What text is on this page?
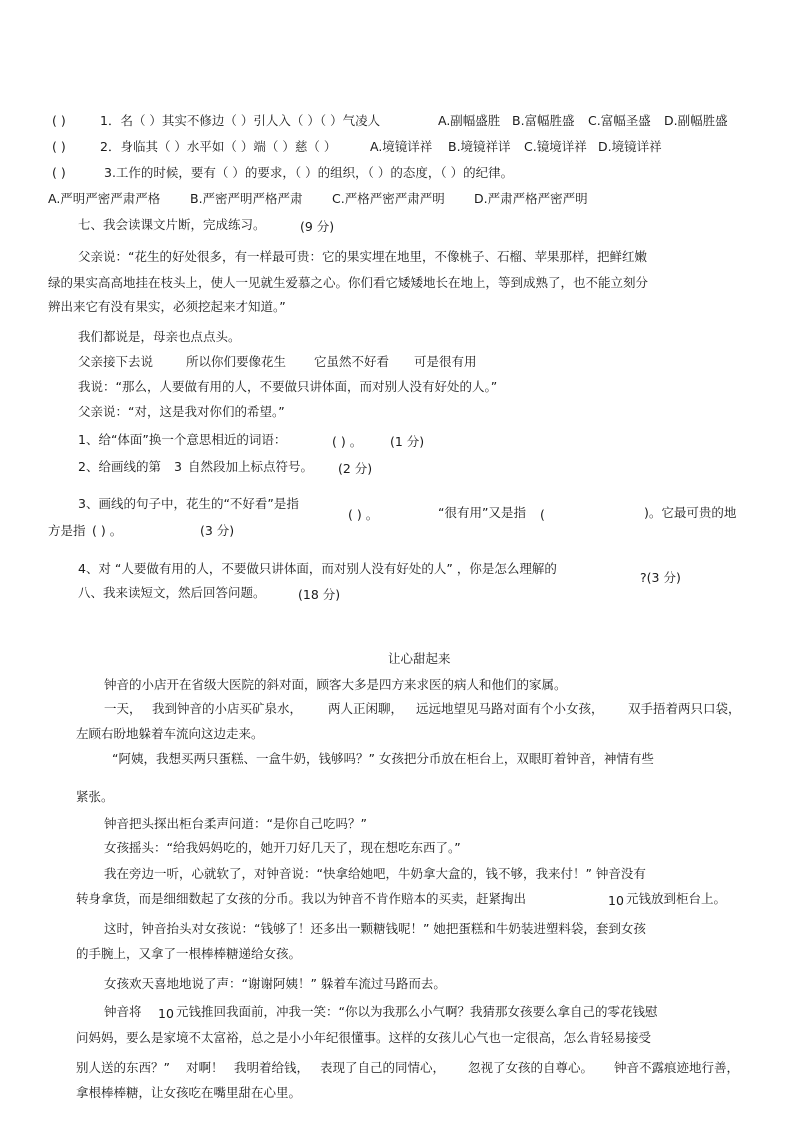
( )	1．名（ ）其实不修边（ ）引人入（ ）（ ）气凌人	A.副幅盛胜 B.富幅胜盛 C.富幅圣盛 D.副幅胜盛
( )	2．身临其（ ）水平如（ ）端（ ）慈（ ）	A.境镜详祥 B.境镜祥详 C.镜境详祥 D.境镜详祥
( )	3.工作的时候，要有（ ）的要求，（ ）的组织，（ ）的态度，（ ）的纪律。
A.严明严密严肃严格 B.严密严明严格严肃 C.严格严密严肃严明 D.严肃严格严密严明
七、我会读课文片断，完成练习。	(9 分)
父亲说：“花生的好处很多，有一样最可贵：它的果实埋在地里，不像桃子、石榴、苹果那样，把鲜红嫩
绿的果实高高地挂在枝头上，使人一见就生爱慕之心。你们看它矮矮地长在地上，等到成熟了，也不能立刻分
辨出来它有没有果实，必须挖起来才知道。”
我们都说是，母亲也点点头。
父亲接下去说	所以你们要像花生 它虽然不好看 可是很有用
我说：“那么，人要做有用的人，不要做只讲体面，而对别人没有好处的人。”
父亲说：“对，这是我对你们的希望。”
1、给“体面”换一个意思相近的词语：	( ) 。 (1 分)
2、给画线的第 3 自然段加上标点符号。 (2 分)
3、画线的句子中，花生的“不好看”是指
( ) 。	“很有用”又是指 (	)。它最可贵的地
方是指 ( ) 。	(3 分)
4、对 “人要做有用的人，不要做只讲体面，而对别人没有好处的人” ，你是怎么理解的
?(3 分)
八、我来读短文，然后回答问题。	(18 分)
让心甜起来
钟音的小店开在省级大医院的斜对面，顾客大多是四方来求医的病人和他们的家属。
一天， 我到钟音的小店买矿泉水， 两人正闲聊， 远远地望见马路对面有个小女孩， 双手捂着两只口袋，
左顾右盼地躲着车流向这边走来。
“阿姨，我想买两只蛋糕、一盒牛奶，钱够吗？” 女孩把分币放在柜台上，双眼盯着钟音，神情有些
紧张。
钟音把头探出柜台柔声问道：“是你自己吃吗？”
女孩摇头：“给我妈妈吃的，她开刀好几天了，现在想吃东西了。”
我在旁边一听，心就软了，对钟音说：“快拿给她吧，牛奶拿大盒的，钱不够，我来付！” 钟音没有
转身拿货，而是细细数起了女孩的分币。我以为钟音不肯作赔本的买卖，赶紧掏出	10 元钱放到柜台上。
这时，钟音抬头对女孩说：“钱够了！还多出一颗糖钱呢！” 她把蛋糕和牛奶装进塑料袋，套到女孩
的手腕上，又拿了一根棒棒糖递给女孩。
女孩欢天喜地地说了声：“谢谢阿姨！” 躲着车流过马路而去。
钟音将 10 元钱推回我面前，冲我一笑：“你以为我那么小气啊？我猜那女孩要么拿自己的零花钱慰
问妈妈，要么是家境不太富裕，总之是小小年纪很懂事。这样的女孩儿心气也一定很高，怎么肯轻易接受
别人送的东西？” 对啊！ 我明着给钱， 表现了自己的同情心， 忽视了女孩的自尊心。 钟音不露痕迹地行善，
拿根棒棒糖，让女孩吃在嘴里甜在心里。
